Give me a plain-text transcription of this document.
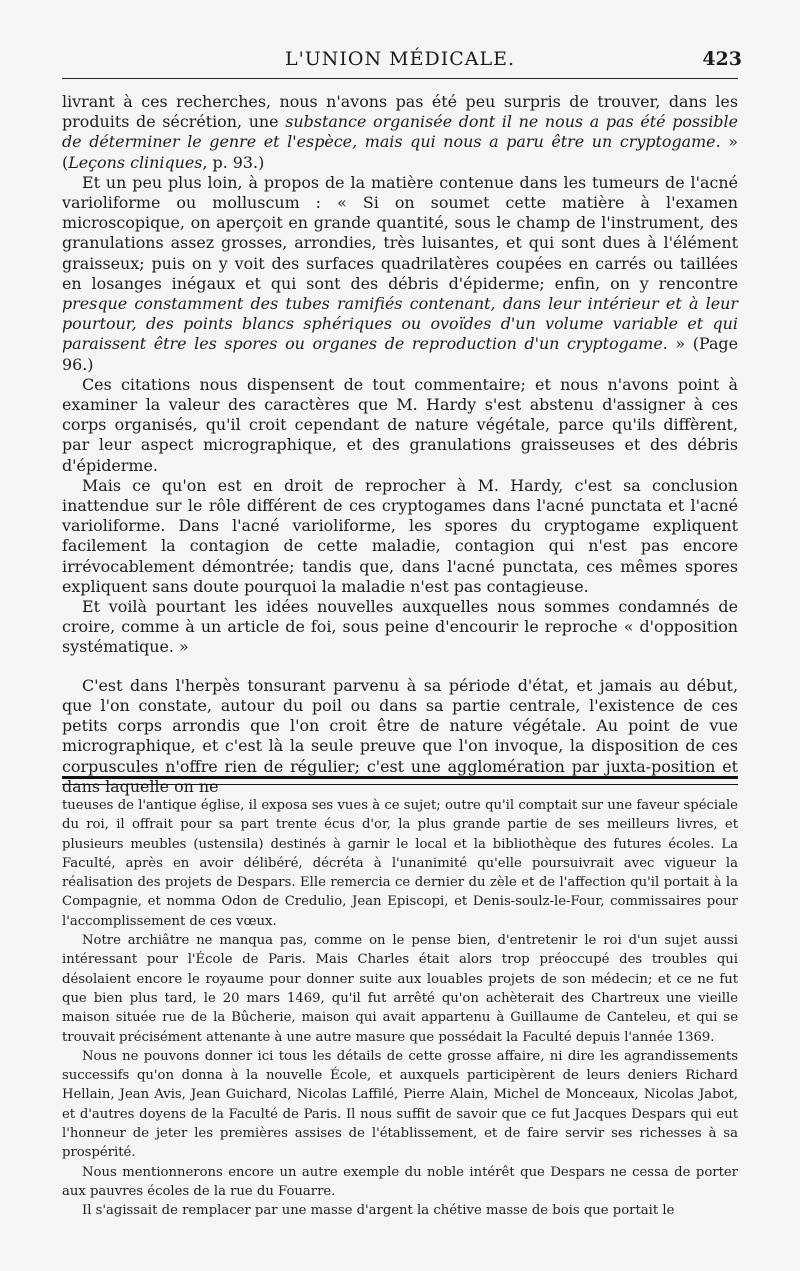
L'UNION MÉDICALE.	423

livrant à ces recherches, nous n'avons pas été peu surpris de trouver, dans les produits de sécrétion, une substance organisée dont il ne nous a pas été possible de déterminer le genre et l'espèce, mais qui nous a paru être un cryptogame. » (Leçons cliniques, p. 93.)

Et un peu plus loin, à propos de la matière contenue dans les tumeurs de l'acné varioliforme ou molluscum : « Si on soumet cette matière à l'examen microscopique, on aperçoit en grande quantité, sous le champ de l'instrument, des granulations assez grosses, arrondies, très luisantes, et qui sont dues à l'élément graisseux; puis on y voit des surfaces quadrilatères coupées en carrés ou taillées en losanges inégaux et qui sont des débris d'épiderme; enfin, on y rencontre presque constamment des tubes ramifiés contenant, dans leur intérieur et à leur pourtour, des points blancs sphériques ou ovoïdes d'un volume variable et qui paraissent être les spores ou organes de reproduction d'un cryptogame. » (Page 96.)

Ces citations nous dispensent de tout commentaire; et nous n'avons point à examiner la valeur des caractères que M. Hardy s'est abstenu d'assigner à ces corps organisés, qu'il croit cependant de nature végétale, parce qu'ils diffèrent, par leur aspect micrographique, et des granulations graisseuses et des débris d'épiderme.

Mais ce qu'on est en droit de reprocher à M. Hardy, c'est sa conclusion inattendue sur le rôle différent de ces cryptogames dans l'acné punctata et l'acné varioliforme. Dans l'acné varioliforme, les spores du cryptogame expliquent facilement la contagion de cette maladie, contagion qui n'est pas encore irrévocablement démontrée; tandis que, dans l'acné punctata, ces mêmes spores expliquent sans doute pourquoi la maladie n'est pas contagieuse.

Et voilà pourtant les idées nouvelles auxquelles nous sommes condamnés de croire, comme à un article de foi, sous peine d'encourir le reproche « d'opposition systématique. »

C'est dans l'herpès tonsurant parvenu à sa période d'état, et jamais au début, que l'on constate, autour du poil ou dans sa partie centrale, l'existence de ces petits corps arrondis que l'on croit être de nature végétale. Au point de vue micrographique, et c'est là la seule preuve que l'on invoque, la disposition de ces corpuscules n'offre rien de régulier; c'est une agglomération par juxta-position et dans laquelle on ne

tueuses de l'antique église, il exposa ses vues à ce sujet; outre qu'il comptait sur une faveur spéciale du roi, il offrait pour sa part trente écus d'or, la plus grande partie de ses meilleurs livres, et plusieurs meubles (ustensila) destinés à garnir le local et la bibliothèque des futures écoles. La Faculté, après en avoir délibéré, décréta à l'unanimité qu'elle poursuivrait avec vigueur la réalisation des projets de Despars. Elle remercia ce dernier du zèle et de l'affection qu'il portait à la Compagnie, et nomma Odon de Credulio, Jean Episcopi, et Denis-soulz-le-Four, commissaires pour l'accomplissement de ces vœux.

Notre archiâtre ne manqua pas, comme on le pense bien, d'entretenir le roi d'un sujet aussi intéressant pour l'École de Paris. Mais Charles était alors trop préoccupé des troubles qui désolaient encore le royaume pour donner suite aux louables projets de son médecin; et ce ne fut que bien plus tard, le 20 mars 1469, qu'il fut arrêté qu'on achèterait des Chartreux une vieille maison située rue de la Bûcherie, maison qui avait appartenu à Guillaume de Canteleu, et qui se trouvait précisément attenante à une autre masure que possédait la Faculté depuis l'année 1369.

Nous ne pouvons donner ici tous les détails de cette grosse affaire, ni dire les agrandissements successifs qu'on donna à la nouvelle École, et auxquels participèrent de leurs deniers Richard Hellain, Jean Avis, Jean Guichard, Nicolas Laffilé, Pierre Alain, Michel de Monceaux, Nicolas Jabot, et d'autres doyens de la Faculté de Paris. Il nous suffit de savoir que ce fut Jacques Despars qui eut l'honneur de jeter les premières assises de l'établissement, et de faire servir ses richesses à sa prospérité.

Nous mentionnerons encore un autre exemple du noble intérêt que Despars ne cessa de porter aux pauvres écoles de la rue du Fouarre.

Il s'agissait de remplacer par une masse d'argent la chétive masse de bois que portait le
